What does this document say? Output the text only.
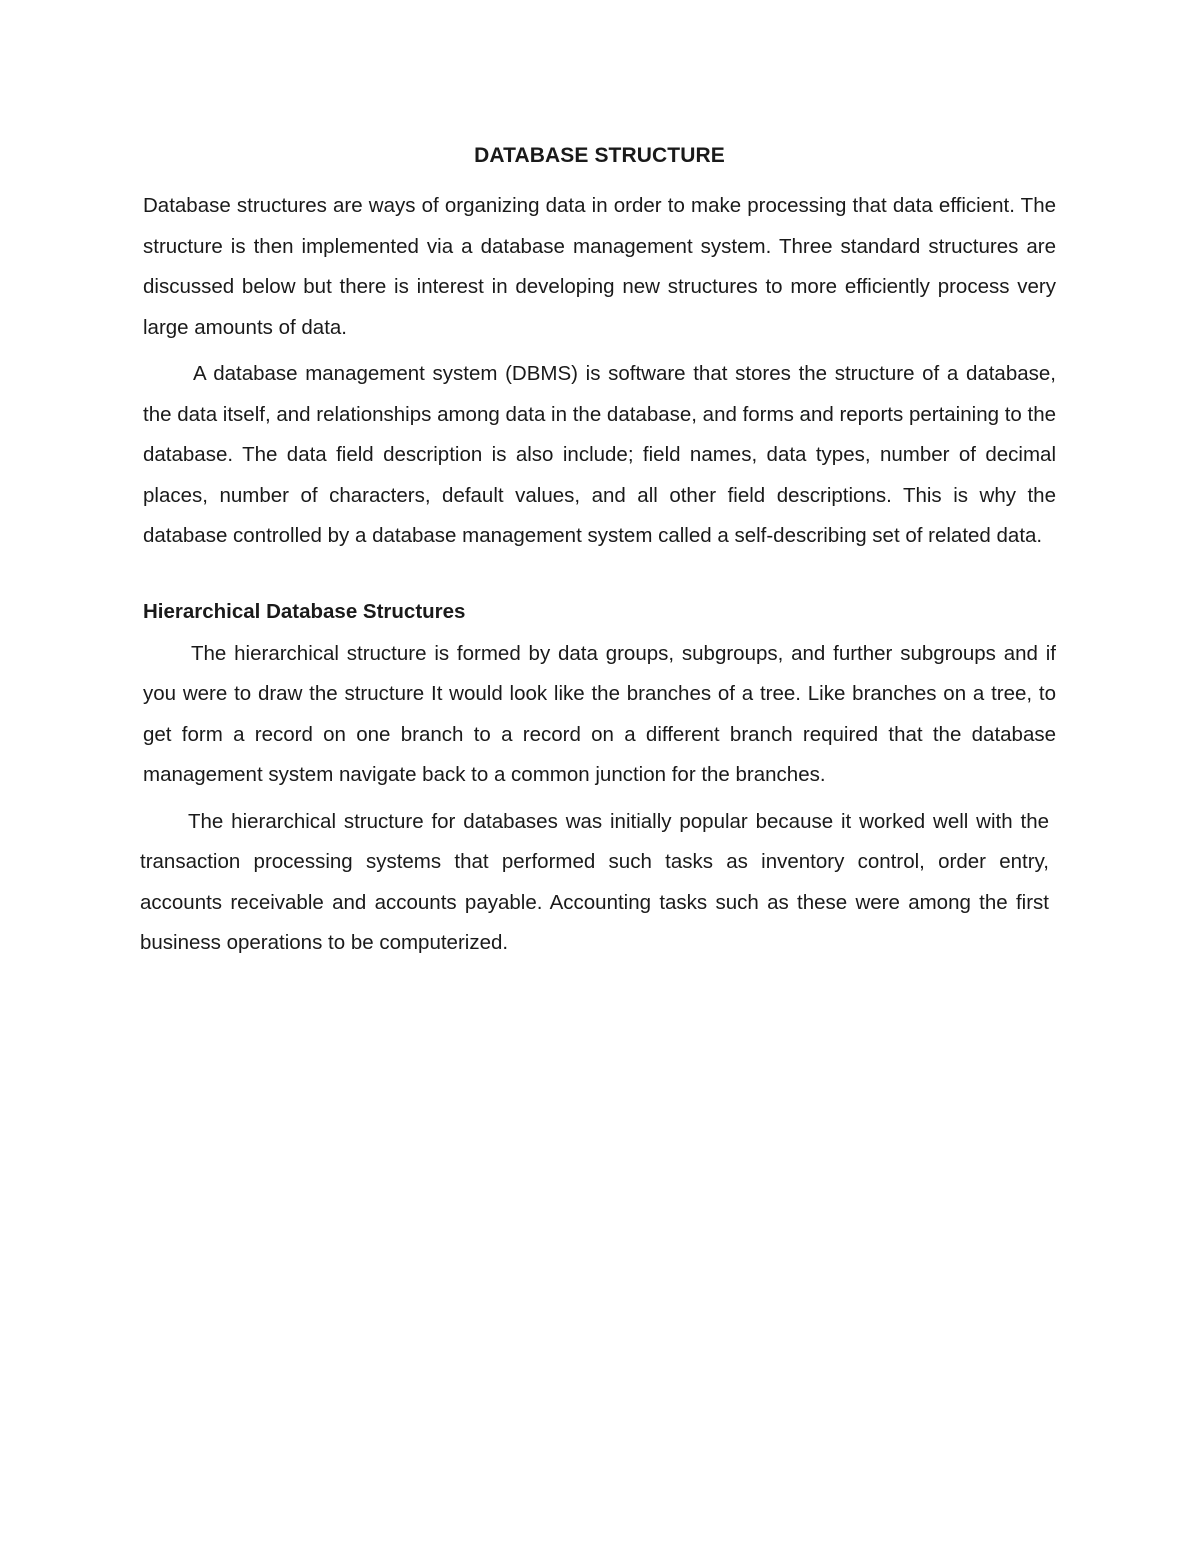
DATABASE STRUCTURE

Database structures are ways of organizing data in order to make processing that data efficient. The structure is then implemented via a database management system. Three standard structures are discussed below but there is interest in developing new structures to more efficiently process very large amounts of data.

A database management system (DBMS) is software that stores the structure of a database, the data itself, and relationships among data in the database, and forms and reports pertaining to the database. The data field description is also include; field names, data types, number of decimal places, number of characters, default values, and all other field descriptions. This is why the database controlled by a database management system called a self-describing set of related data.

Hierarchical Database Structures

The hierarchical structure is formed by data groups, subgroups, and further subgroups and if you were to draw the structure It would look like the branches of a tree. Like branches on a tree, to get form a record on one branch to a record on a different branch required that the database management system navigate back to a common junction for the branches.

The hierarchical structure for databases was initially popular because it worked well with the transaction processing systems that performed such tasks as inventory control, order entry, accounts receivable and accounts payable. Accounting tasks such as these were among the first business operations to be computerized.
